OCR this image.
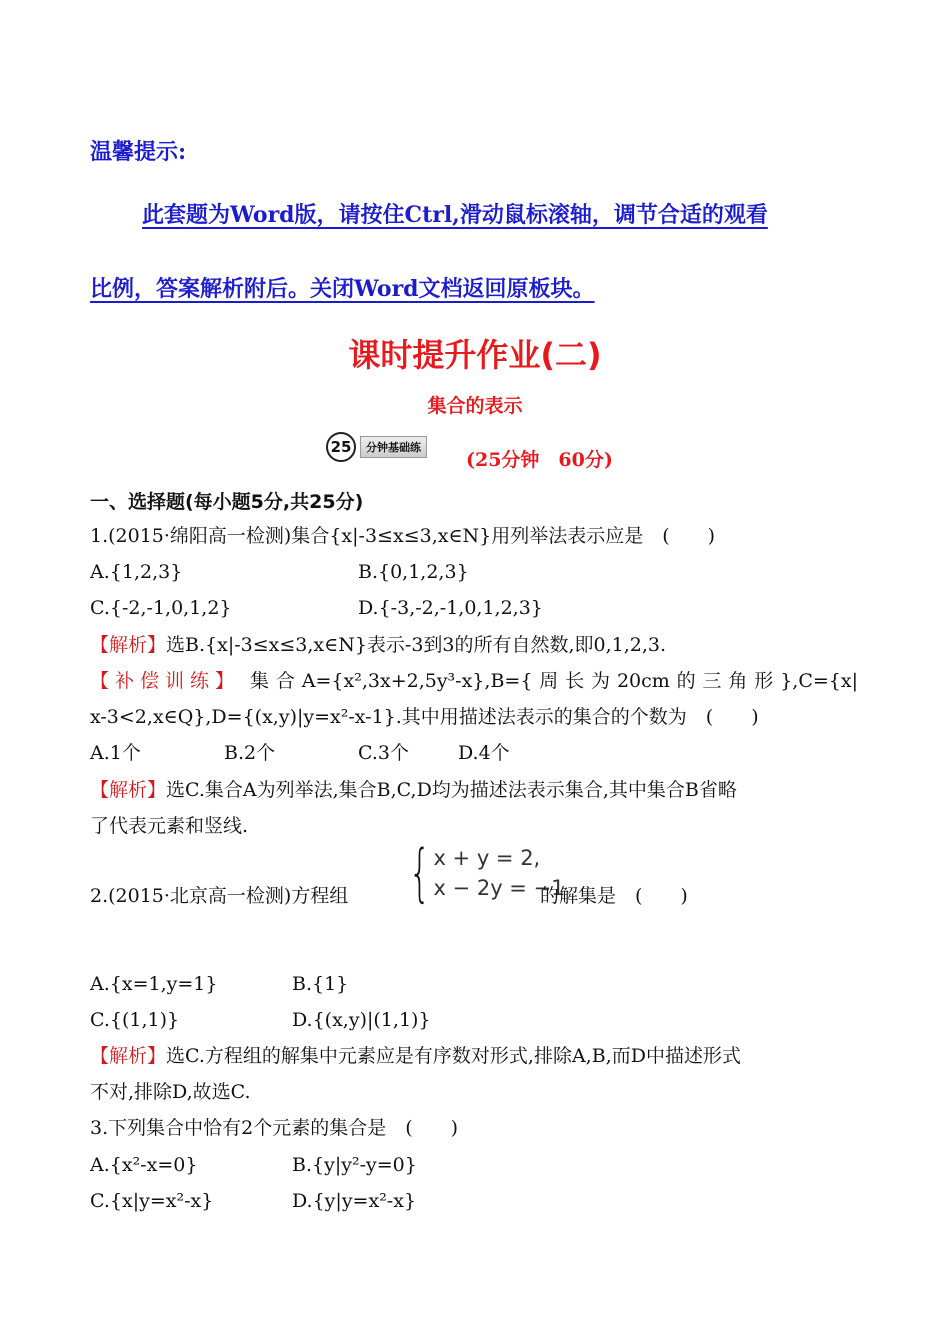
温馨提示:
此套题为Word版，请按住Ctrl,滑动鼠标滚轴，调节合适的观看
比例，答案解析附后。关闭Word文档返回原板块。
课时提升作业(二)
集合的表示
25	分钟基础练
(25分钟　60分)
一、选择题(每小题5分,共25分)
1.(2015·绵阳高一检测)集合{x|-3≤x≤3,x∈N}用列举法表示应是　(　　)
A.{1,2,3}	B.{0,1,2,3}
C.{-2,-1,0,1,2}	D.{-3,-2,-1,0,1,2,3}
【解析】选B.{x|-3≤x≤3,x∈N}表示-3到3的所有自然数,即0,1,2,3.
【补偿训练】 集合A={x²,3x+2,5y³-x},B={周长为20cm的三角形},C={x|
x-3<2,x∈Q},D={(x,y)|y=x²-x-1}.其中用描述法表示的集合的个数为　(　　)
A.1个	B.2个	C.3个	D.4个
【解析】选C.集合A为列举法,集合B,C,D均为描述法表示集合,其中集合B省略
了代表元素和竖线.
2.(2015·北京高一检测)方程组 { x + y = 2,
x − 2y = −1
的解集是　(　　)
A.{x=1,y=1}	B.{1}
C.{(1,1)}	D.{(x,y)|(1,1)}
【解析】选C.方程组的解集中元素应是有序数对形式,排除A,B,而D中描述形式
不对,排除D,故选C.
3.下列集合中恰有2个元素的集合是　(　　)
A.{x²-x=0}	B.{y|y²-y=0}
C.{x|y=x²-x}	D.{y|y=x²-x}
